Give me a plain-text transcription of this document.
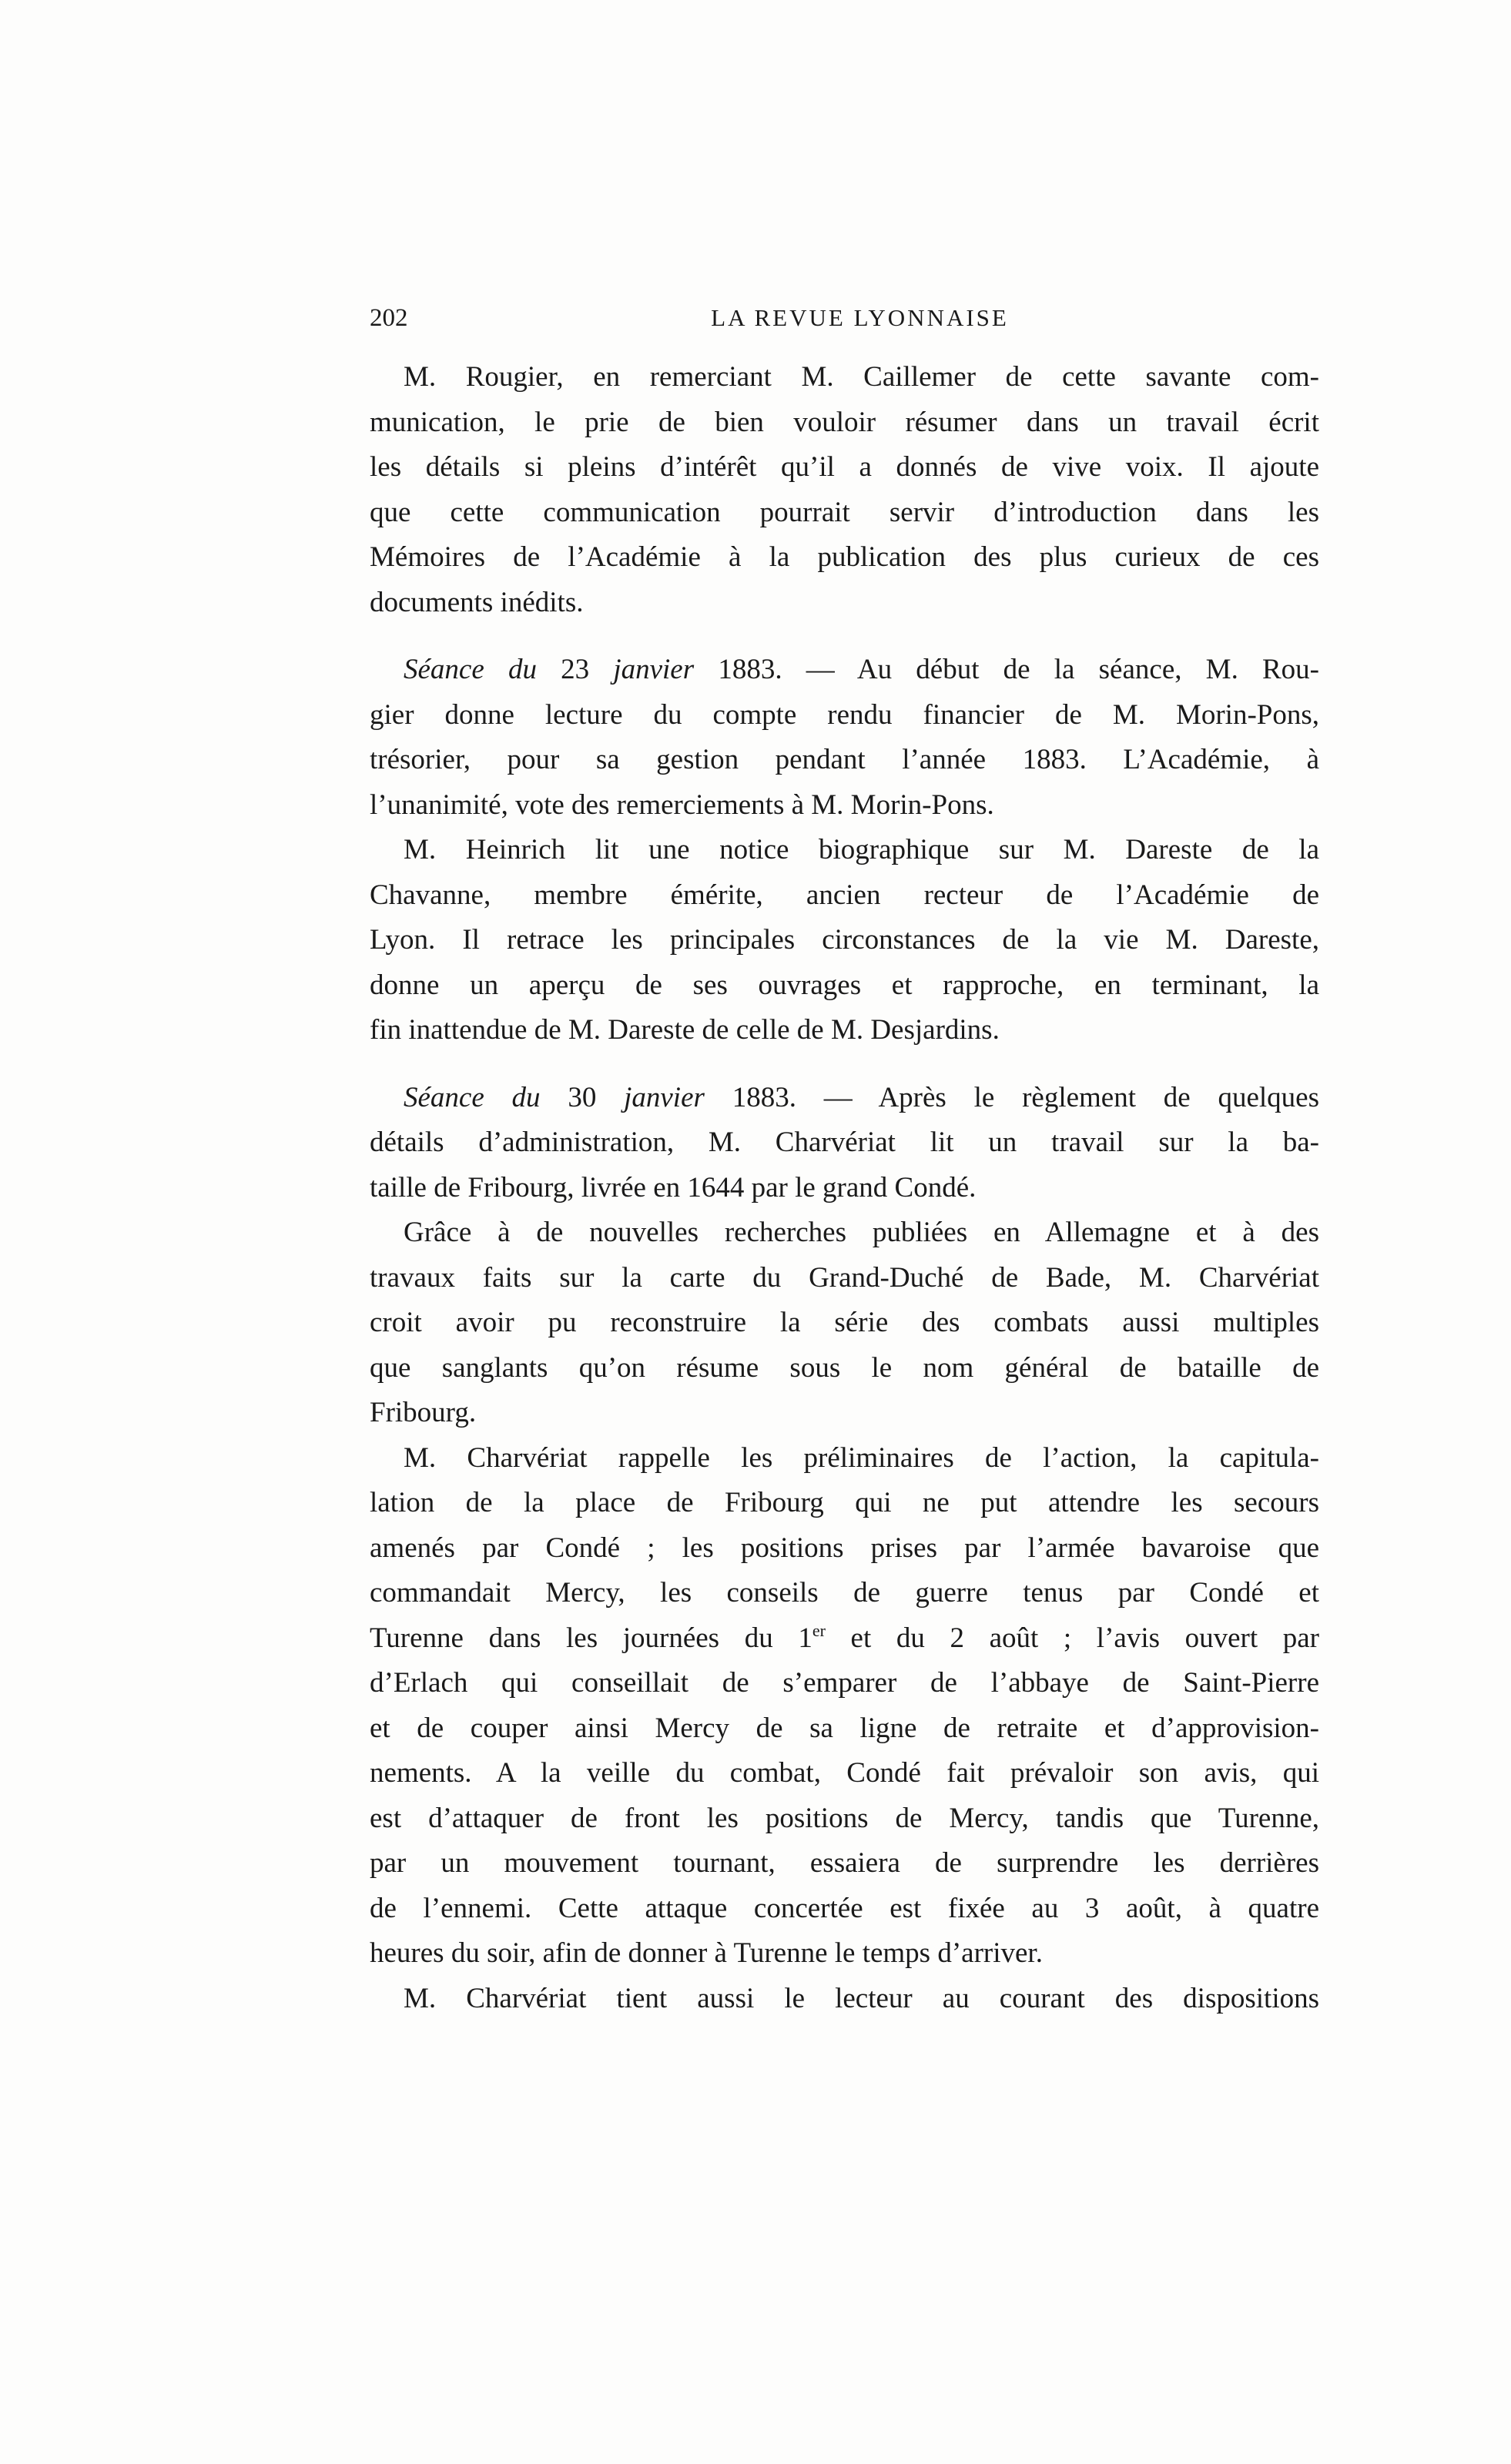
202	LA REVUE LYONNAISE
M. Rougier, en remerciant M. Caillemer de cette savante com-
munication, le prie de bien vouloir résumer dans un travail écrit
les détails si pleins d’intérêt qu’il a donnés de vive voix. Il ajoute
que cette communication pourrait servir d’introduction dans les
Mémoires de l’Académie à la publication des plus curieux de ces
documents inédits.
Séance du 23 janvier 1883. — Au début de la séance, M. Rou-
gier donne lecture du compte rendu financier de M. Morin-Pons,
trésorier, pour sa gestion pendant l’année 1883. L’Académie, à
l’unanimité, vote des remerciements à M. Morin-Pons.
M. Heinrich lit une notice biographique sur M. Dareste de la
Chavanne, membre émérite, ancien recteur de l’Académie de
Lyon. Il retrace les principales circonstances de la vie M. Dareste,
donne un aperçu de ses ouvrages et rapproche, en terminant, la
fin inattendue de M. Dareste de celle de M. Desjardins.
Séance du 30 janvier 1883. — Après le règlement de quelques
détails d’administration, M. Charvériat lit un travail sur la ba-
taille de Fribourg, livrée en 1644 par le grand Condé.
Grâce à de nouvelles recherches publiées en Allemagne et à des
travaux faits sur la carte du Grand-Duché de Bade, M. Charvériat
croit avoir pu reconstruire la série des combats aussi multiples
que sanglants qu’on résume sous le nom général de bataille de
Fribourg.
M. Charvériat rappelle les préliminaires de l’action, la capitula-
lation de la place de Fribourg qui ne put attendre les secours
amenés par Condé ; les positions prises par l’armée bavaroise que
commandait Mercy, les conseils de guerre tenus par Condé et
Turenne dans les journées du 1er et du 2 août ; l’avis ouvert par
d’Erlach qui conseillait de s’emparer de l’abbaye de Saint-Pierre
et de couper ainsi Mercy de sa ligne de retraite et d’approvision-
nements. A la veille du combat, Condé fait prévaloir son avis, qui
est d’attaquer de front les positions de Mercy, tandis que Turenne,
par un mouvement tournant, essaiera de surprendre les derrières
de l’ennemi. Cette attaque concertée est fixée au 3 août, à quatre
heures du soir, afin de donner à Turenne le temps d’arriver.
M. Charvériat tient aussi le lecteur au courant des dispositions
